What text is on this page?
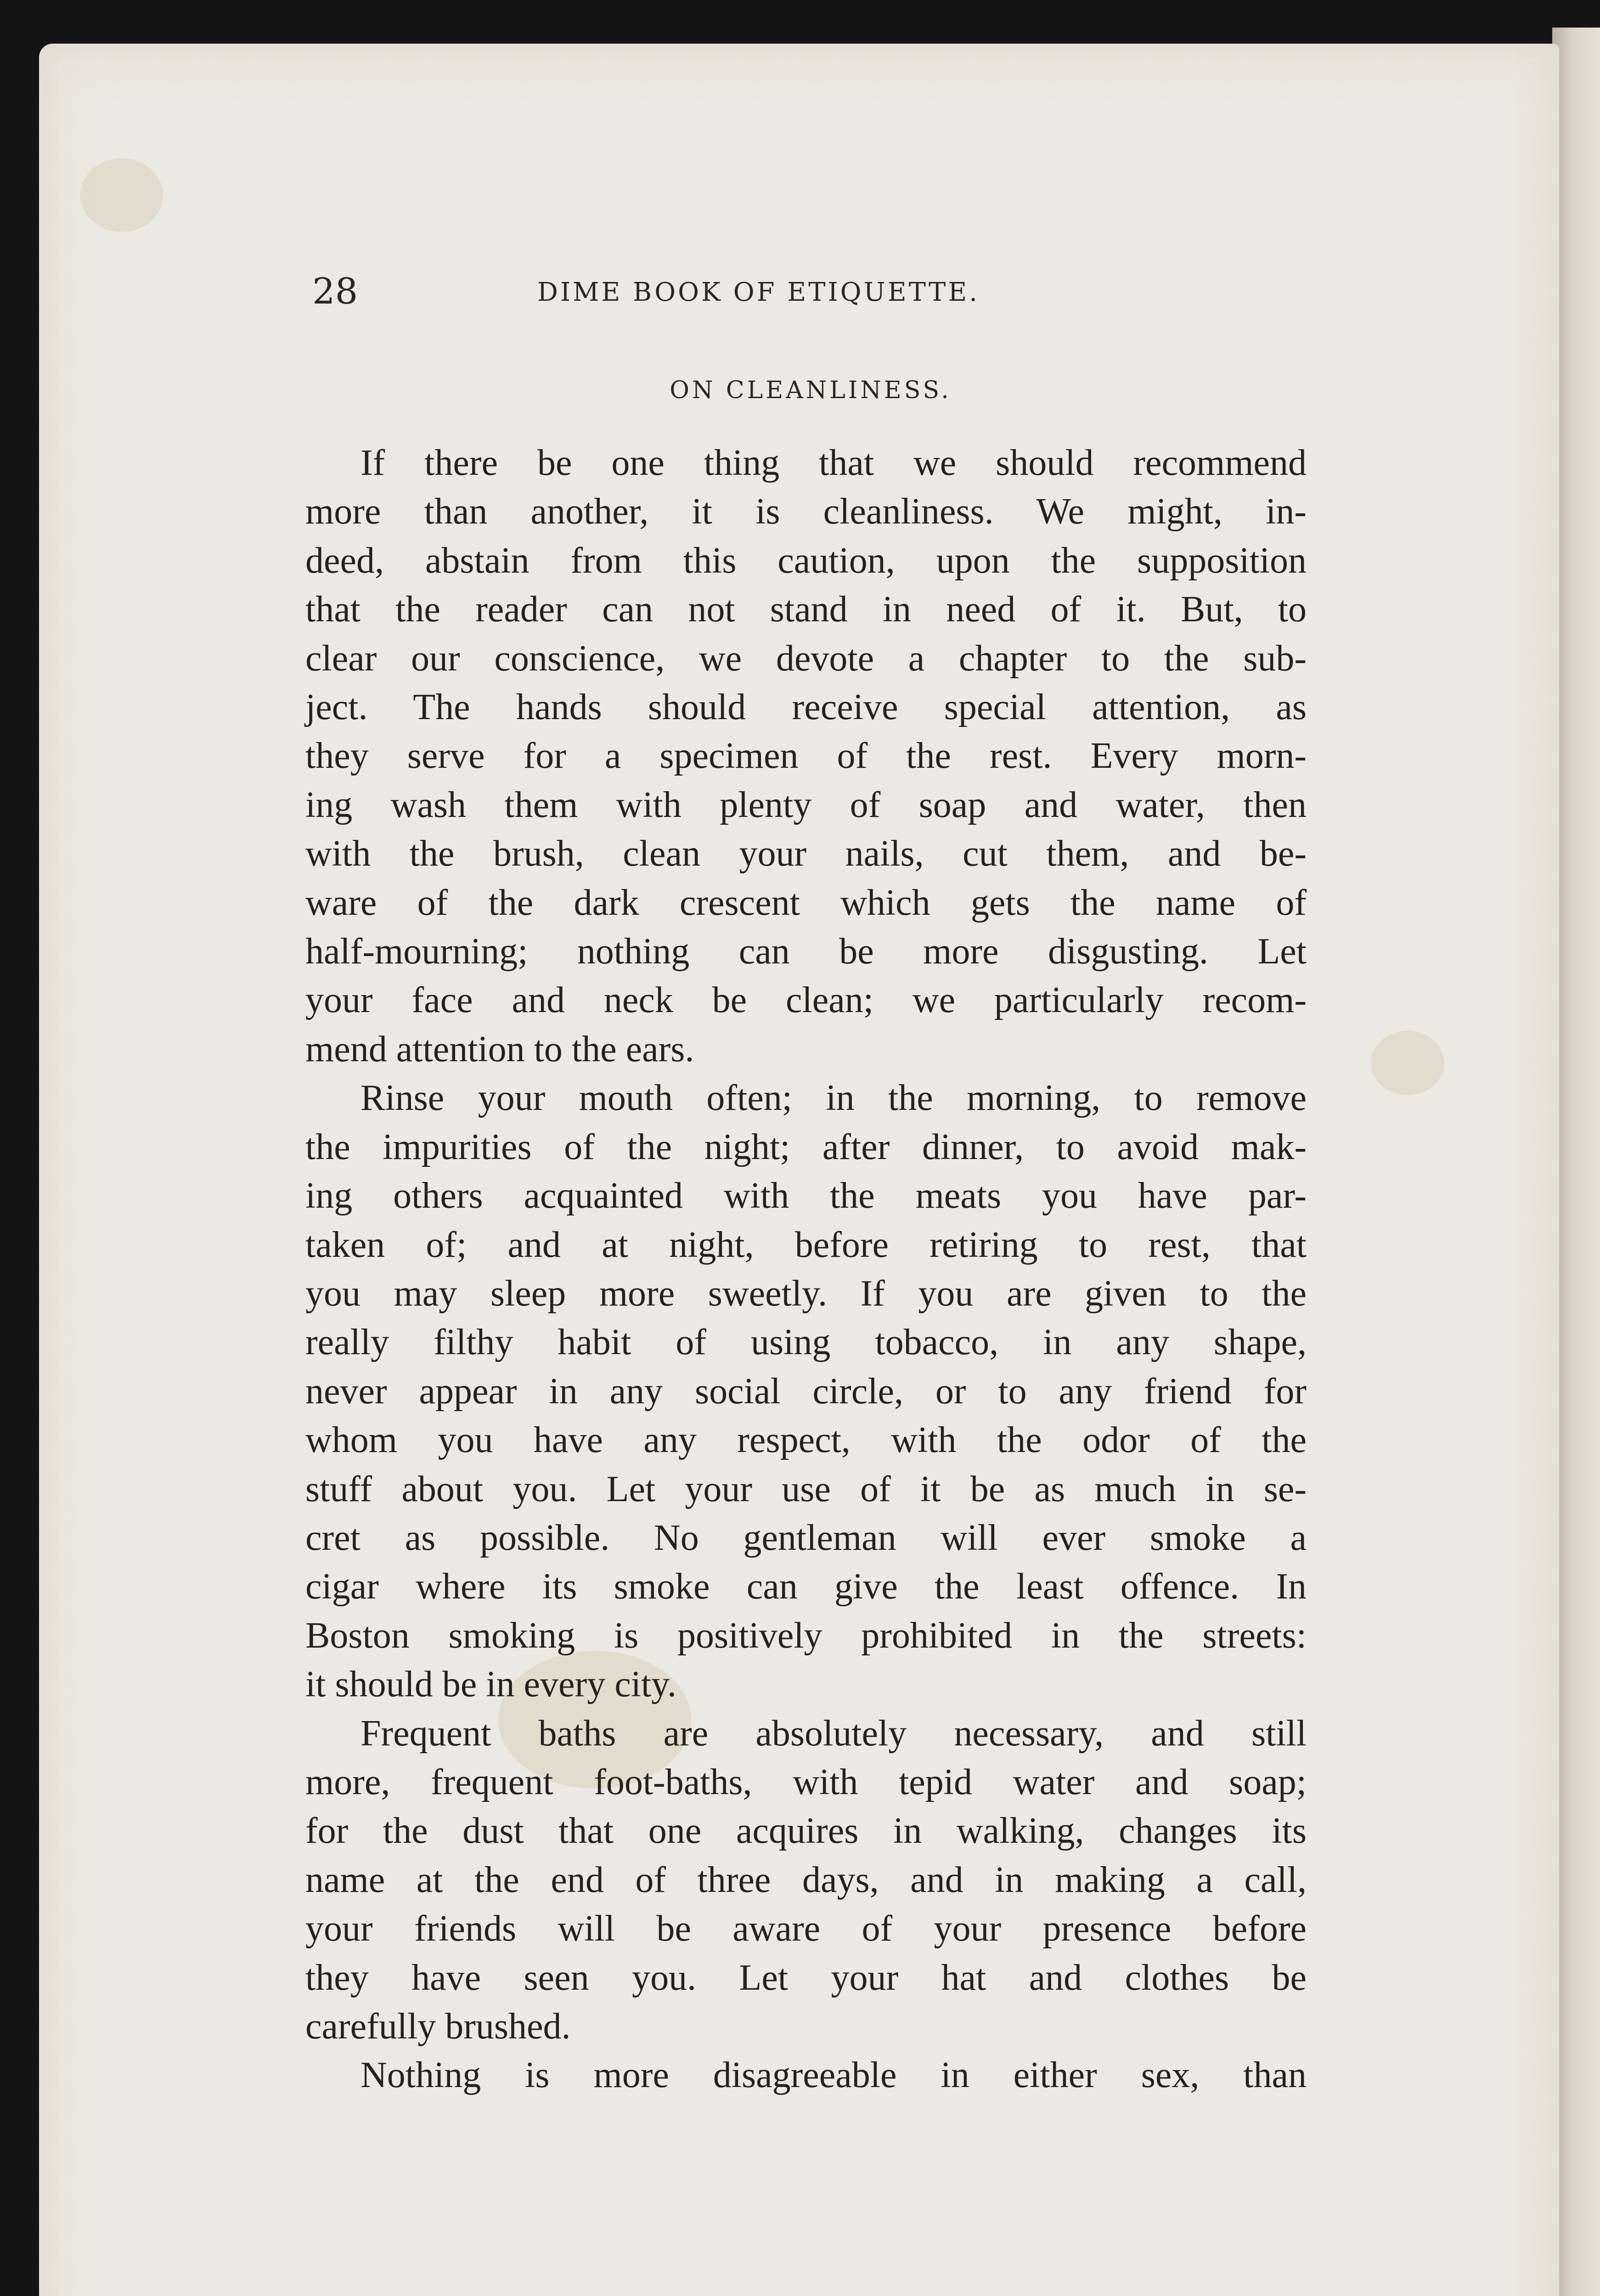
28	DIME BOOK OF ETIQUETTE.
ON CLEANLINESS.
If there be one thing that we should recommend
more than another, it is cleanliness. We might, in-
deed, abstain from this caution, upon the supposition
that the reader can not stand in need of it. But, to
clear our conscience, we devote a chapter to the sub-
ject. The hands should receive special attention, as
they serve for a specimen of the rest. Every morn-
ing wash them with plenty of soap and water, then
with the brush, clean your nails, cut them, and be-
ware of the dark crescent which gets the name of
half-mourning; nothing can be more disgusting. Let
your face and neck be clean; we particularly recom-
mend attention to the ears.
Rinse your mouth often; in the morning, to remove
the impurities of the night; after dinner, to avoid mak-
ing others acquainted with the meats you have par-
taken of; and at night, before retiring to rest, that
you may sleep more sweetly. If you are given to the
really filthy habit of using tobacco, in any shape,
never appear in any social circle, or to any friend for
whom you have any respect, with the odor of the
stuff about you. Let your use of it be as much in se-
cret as possible. No gentleman will ever smoke a
cigar where its smoke can give the least offence. In
Boston smoking is positively prohibited in the streets:
it should be in every city.
Frequent baths are absolutely necessary, and still
more, frequent foot-baths, with tepid water and soap;
for the dust that one acquires in walking, changes its
name at the end of three days, and in making a call,
your friends will be aware of your presence before
they have seen you. Let your hat and clothes be
carefully brushed.
Nothing is more disagreeable in either sex, than
